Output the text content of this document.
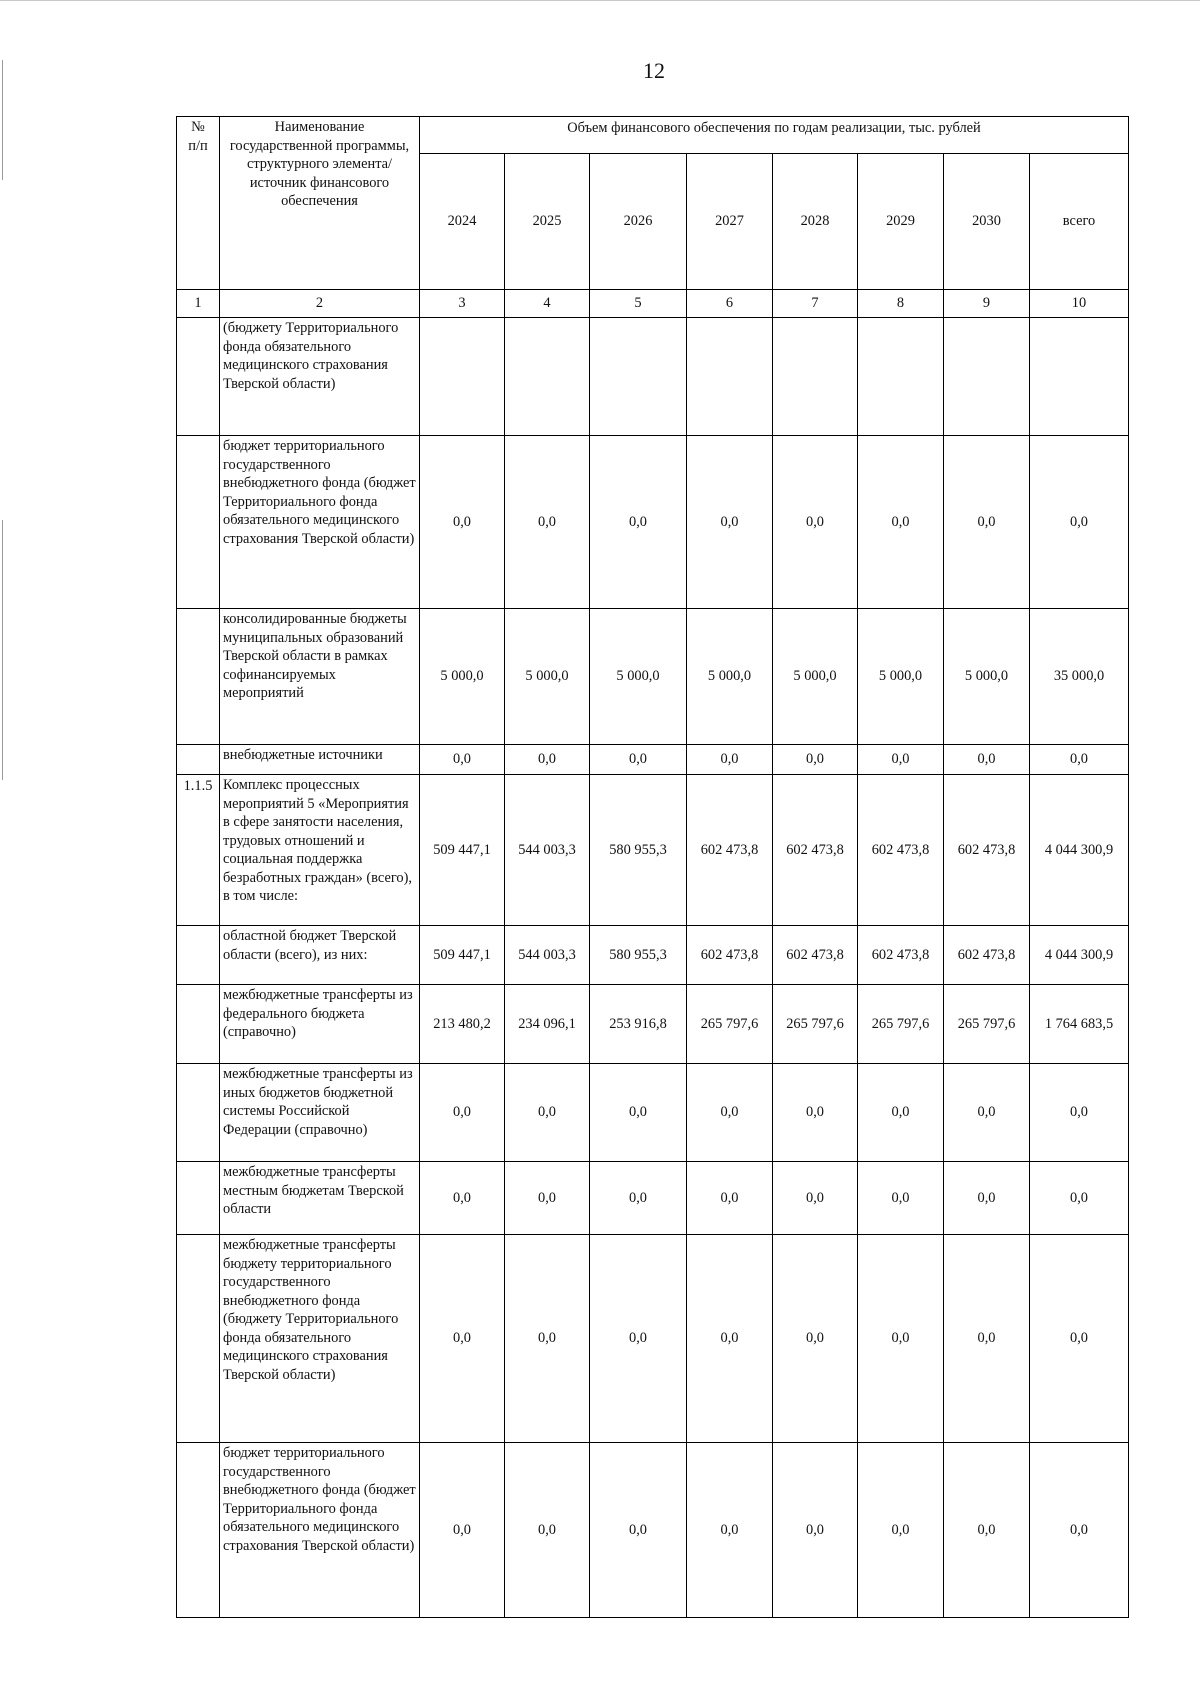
12
№
п/п	Наименование государственной программы, структурного элемента/источник финансового обеспечения	Объем финансового обеспечения по годам реализации, тыс. рублей							
		2024	2025	2026	2027	2028	2029	2030	всего
1	2	3	4	5	6	7	8	9	10
	(бюджету Территориального фонда обязательного медицинского страхования Тверской области)								
	бюджет территориального государственного внебюджетного фонда (бюджет Территориального фонда обязательного медицинского страхования Тверской области)	0,0	0,0	0,0	0,0	0,0	0,0	0,0	0,0
	консолидированные бюджеты муниципальных образований Тверской области в рамках софинансируемых мероприятий	5 000,0	5 000,0	5 000,0	5 000,0	5 000,0	5 000,0	5 000,0	35 000,0
	внебюджетные источники	0,0	0,0	0,0	0,0	0,0	0,0	0,0	0,0
1.1.5	Комплекс процессных мероприятий 5 «Мероприятия в сфере занятости населения, трудовых отношений и социальная поддержка безработных граждан» (всего), в том числе:	509 447,1	544 003,3	580 955,3	602 473,8	602 473,8	602 473,8	602 473,8	4 044 300,9
	областной бюджет Тверской области (всего), из них:	509 447,1	544 003,3	580 955,3	602 473,8	602 473,8	602 473,8	602 473,8	4 044 300,9
	межбюджетные трансферты из федерального бюджета (справочно)	213 480,2	234 096,1	253 916,8	265 797,6	265 797,6	265 797,6	265 797,6	1 764 683,5
	межбюджетные трансферты из иных бюджетов бюджетной системы Российской Федерации (справочно)	0,0	0,0	0,0	0,0	0,0	0,0	0,0	0,0
	межбюджетные трансферты местным бюджетам Тверской области	0,0	0,0	0,0	0,0	0,0	0,0	0,0	0,0
	межбюджетные трансферты бюджету территориального государственного внебюджетного фонда (бюджету Территориального фонда обязательного медицинского страхования Тверской области)	0,0	0,0	0,0	0,0	0,0	0,0	0,0	0,0
	бюджет территориального государственного внебюджетного фонда (бюджет Территориального фонда обязательного медицинского страхования Тверской области)	0,0	0,0	0,0	0,0	0,0	0,0	0,0	0,0
